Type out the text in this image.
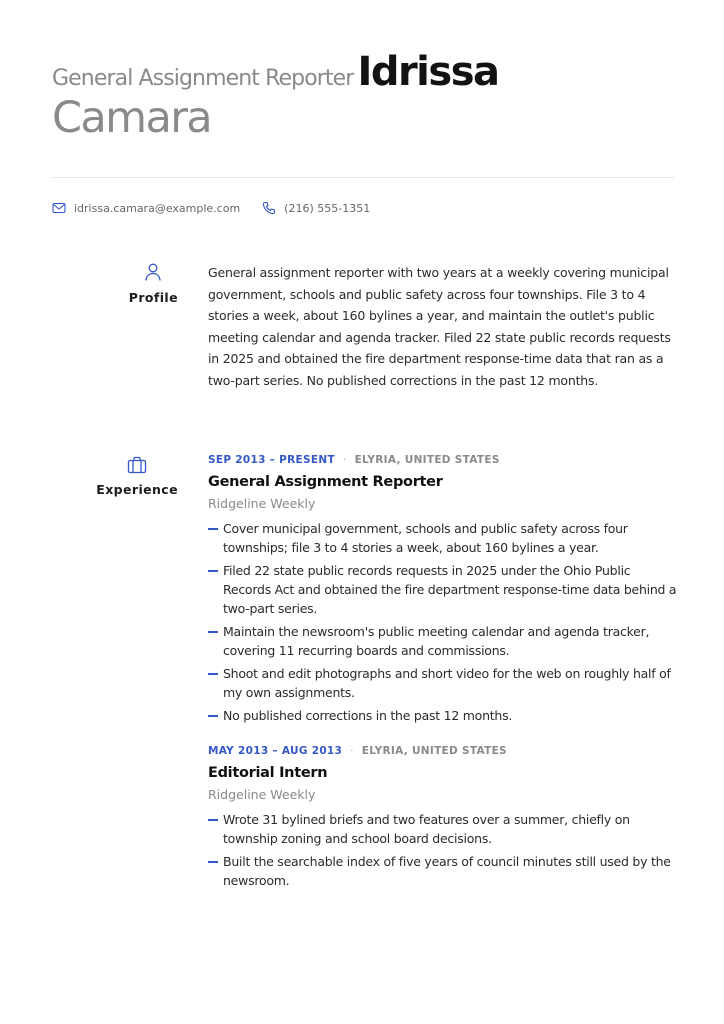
General Assignment Reporter Idrissa
Camara
idrissa.camara@example.com	(216) 555-1351
Profile

General assignment reporter with two years at a weekly covering municipal government, schools and public safety across four townships. File 3 to 4 stories a week, about 160 bylines a year, and maintain the outlet's public meeting calendar and agenda tracker. Filed 22 state public records requests in 2025 and obtained the fire department response-time data that ran as a two-part series. No published corrections in the past 12 months.

Experience
SEP 2013 – PRESENT · ELYRIA, UNITED STATES
General Assignment Reporter
Ridgeline Weekly
Cover municipal government, schools and public safety across four townships; file 3 to 4 stories a week, about 160 bylines a year.
Filed 22 state public records requests in 2025 under the Ohio Public Records Act and obtained the fire department response-time data behind a two-part series.
Maintain the newsroom's public meeting calendar and agenda tracker, covering 11 recurring boards and commissions.
Shoot and edit photographs and short video for the web on roughly half of my own assignments.
No published corrections in the past 12 months.
MAY 2013 – AUG 2013 · ELYRIA, UNITED STATES
Editorial Intern
Ridgeline Weekly
Wrote 31 bylined briefs and two features over a summer, chiefly on township zoning and school board decisions.
Built the searchable index of five years of council minutes still used by the newsroom.
